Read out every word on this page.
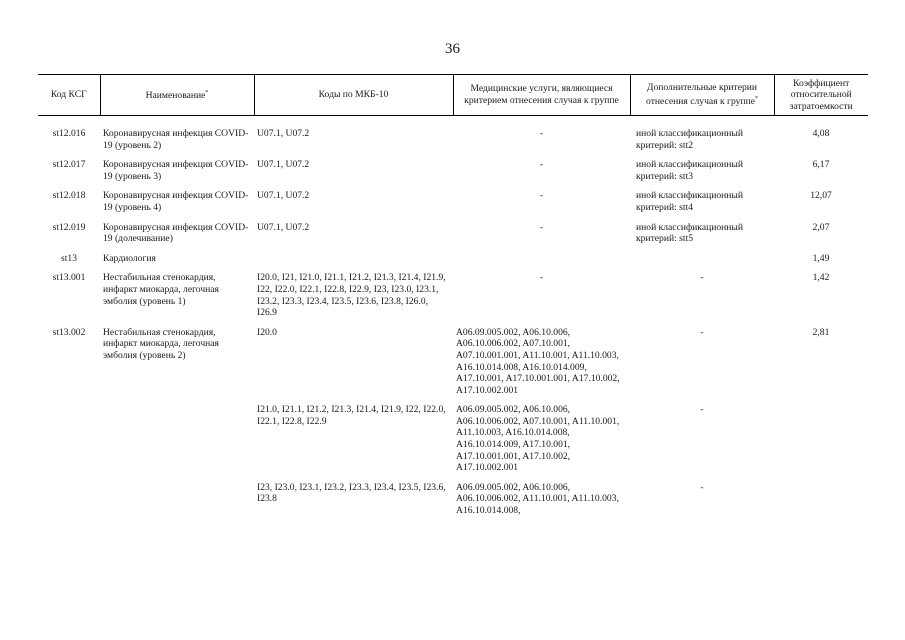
36
Код КСГ	Наименование*	Коды по МКБ-10	Медицинские услуги, являющиеся критерием отнесения случая к группе	Дополнительные критерии отнесения случая к группе*	Коэффициент относительной затратоемкости

st12.016	Коронавирусная инфекция COVID-19 (уровень 2)	U07.1, U07.2	-	иной классификационный критерий: stt2	4,08
st12.017	Коронавирусная инфекция COVID-19 (уровень 3)	U07.1, U07.2	-	иной классификационный критерий: stt3	6,17
st12.018	Коронавирусная инфекция COVID-19 (уровень 4)	U07.1, U07.2	-	иной классификационный критерий: stt4	12,07
st12.019	Коронавирусная инфекция COVID-19 (долечивание)	U07.1, U07.2	-	иной классификационный критерий: stt5	2,07
st13	Кардиология				1,49
st13.001	Нестабильная стенокардия, инфаркт миокарда, легочная эмболия (уровень 1)	I20.0, I21, I21.0, I21.1, I21.2, I21.3, I21.4, I21.9, I22, I22.0, I22.1, I22.8, I22.9, I23, I23.0, I23.1, I23.2, I23.3, I23.4, I23.5, I23.6, I23.8, I26.0, I26.9	-	-	1,42
st13.002	Нестабильная стенокардия, инфаркт миокарда, легочная эмболия (уровень 2)	I20.0	A06.09.005.002, A06.10.006, A06.10.006.002, A07.10.001, A07.10.001.001, A11.10.001, A11.10.003, A16.10.014.008, A16.10.014.009, A17.10.001, A17.10.001.001, A17.10.002, A17.10.002.001	-	2,81
		I21.0, I21.1, I21.2, I21.3, I21.4, I21.9, I22, I22.0, I22.1, I22.8, I22.9	A06.09.005.002, A06.10.006, A06.10.006.002, A07.10.001, A11.10.001, A11.10.003, A16.10.014.008, A16.10.014.009, A17.10.001, A17.10.001.001, A17.10.002, A17.10.002.001	-	
		I23, I23.0, I23.1, I23.2, I23.3, I23.4, I23.5, I23.6, I23.8	A06.09.005.002, A06.10.006, A06.10.006.002, A11.10.001, A11.10.003, A16.10.014.008,	-	
